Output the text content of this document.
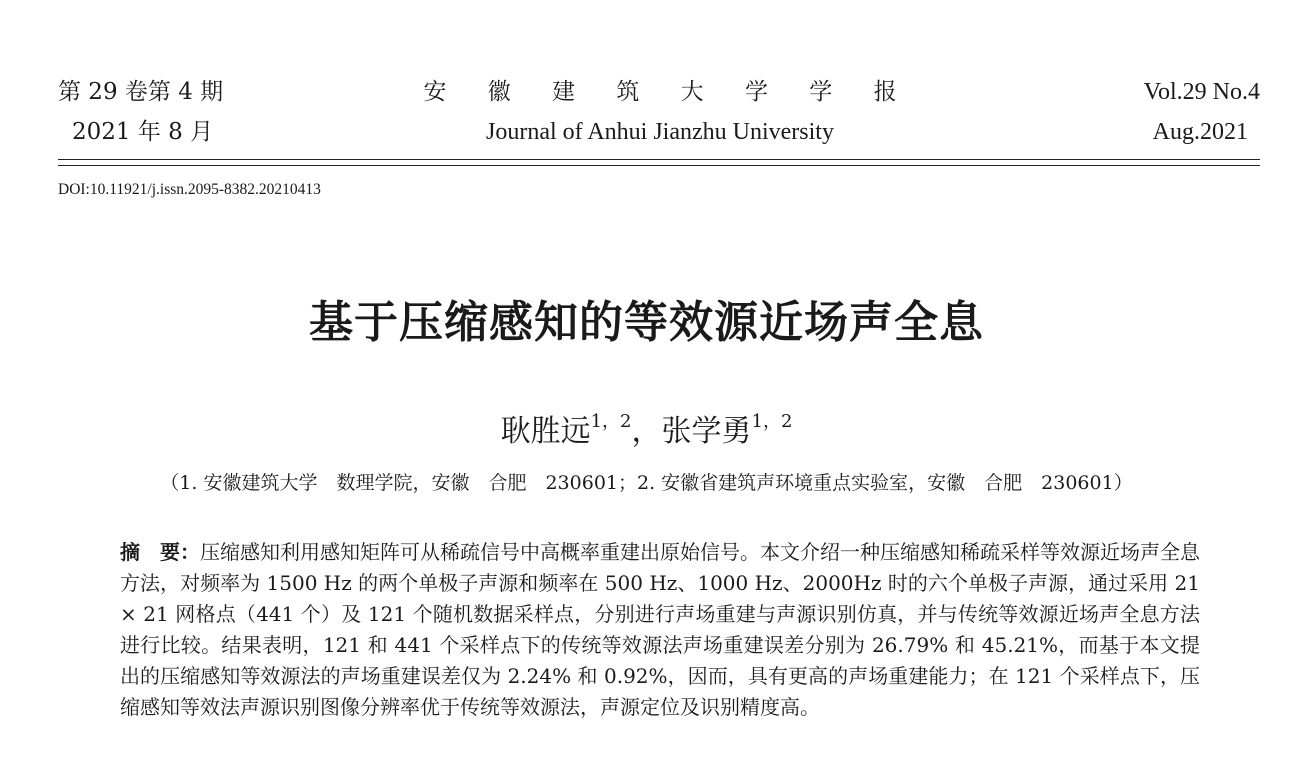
第 29 卷第 4 期
2021 年 8 月
安 徽 建 筑 大 学 学 报
Journal of Anhui Jianzhu University
Vol.29 No.4
Aug.2021
DOI:10.11921/j.issn.2095-8382.20210413
基于压缩感知的等效源近场声全息
耿胜远$^{1,2}$，张学勇$^{1,2}$
（1. 安徽建筑大学　数理学院，安徽　合肥　230601；2. 安徽省建筑声环境重点实验室，安徽　合肥　230601）
摘　要：压缩感知利用感知矩阵可从稀疏信号中高概率重建出原始信号。本文介绍一种压缩感知稀疏采样等效源近场声全息方法，对频率为 1500 Hz 的两个单极子声源和频率在 500 Hz、1000 Hz、2000Hz 时的六个单极子声源，通过采用 21 × 21 网格点（441 个）及 121 个随机数据采样点，分别进行声场重建与声源识别仿真，并与传统等效源近场声全息方法进行比较。结果表明，121 和 441 个采样点下的传统等效源法声场重建误差分别为 26.79% 和 45.21%，而基于本文提出的压缩感知等效源法的声场重建误差仅为 2.24% 和 0.92%，因而，具有更高的声场重建能力；在 121 个采样点下，压缩感知等效法声源识别图像分辨率优于传统等效源法，声源定位及识别精度高。
